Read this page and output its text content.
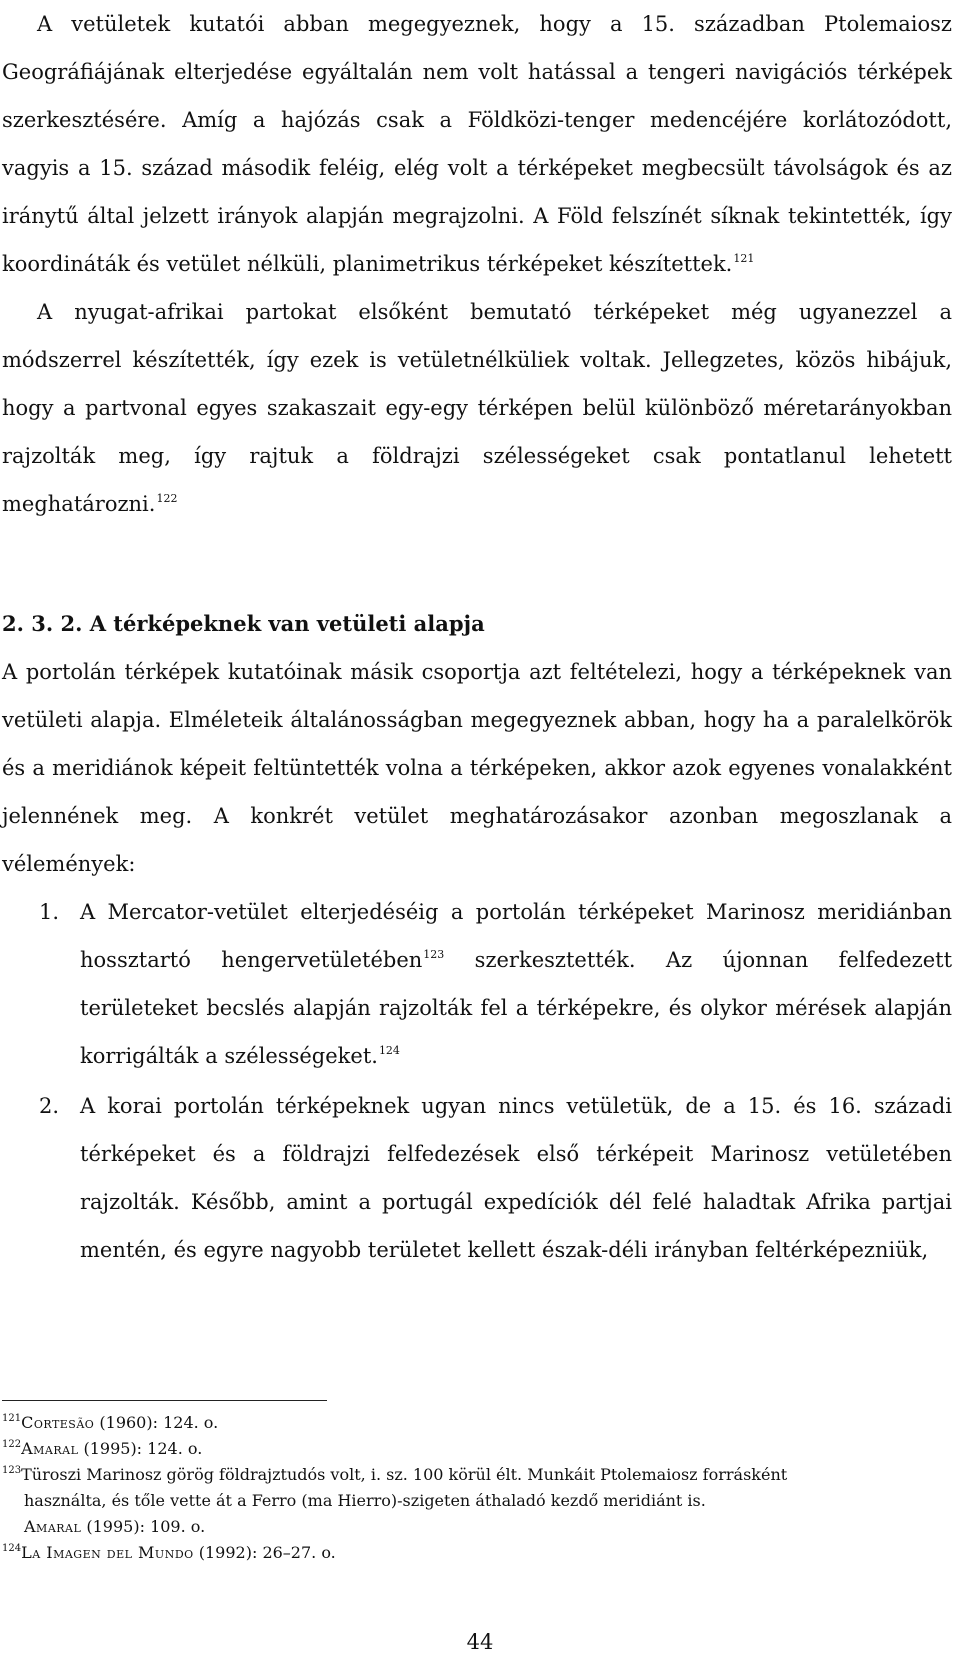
A vetületek kutatói abban megegyeznek, hogy a 15. században Ptolemaiosz Geográfiájának elterjedése egyáltalán nem volt hatással a tengeri navigációs térképek szerkesztésére. Amíg a hajózás csak a Földközi-tenger medencéjére korlátozódott, vagyis a 15. század második feléig, elég volt a térképeket megbecsült távolságok és az iránytű által jelzett irányok alapján megrajzolni. A Föld felszínét síknak tekintették, így koordináták és vetület nélküli, planimetrikus térképeket készítettek.$^{121}$

A nyugat-afrikai partokat elsőként bemutató térképeket még ugyanezzel a módszerrel készítették, így ezek is vetületnélküliek voltak. Jellegzetes, közös hibájuk, hogy a partvonal egyes szakaszait egy-egy térképen belül különböző méretarányokban rajzolták meg, így rajtuk a földrajzi szélességeket csak pontatlanul lehetett meghatározni.$^{122}$

2. 3. 2. A térképeknek van vetületi alapja

A portolán térképek kutatóinak másik csoportja azt feltételezi, hogy a térképeknek van vetületi alapja. Elméleteik általánosságban megegyeznek abban, hogy ha a paralelkörök és a meridiánok képeit feltüntették volna a térképeken, akkor azok egyenes vonalakként jelennének meg. A konkrét vetület meghatározásakor azonban megoszlanak a vélemények:

1. A Mercator-vetület elterjedéséig a portolán térképeket Marinosz meridiánban hossztartó hengervetületében$^{123}$ szerkesztették. Az újonnan felfedezett területeket becslés alapján rajzolták fel a térképekre, és olykor mérések alapján korrigálták a szélességeket.$^{124}$
2. A korai portolán térképeknek ugyan nincs vetületük, de a 15. és 16. századi térképeket és a földrajzi felfedezések első térképeit Marinosz vetületében rajzolták. Később, amint a portugál expedíciók dél felé haladtak Afrika partjai mentén, és egyre nagyobb területet kellett észak-déli irányban feltérképezniük,

$^{121}$Cortesão (1960): 124. o.

$^{122}$Amaral (1995): 124. o.

$^{123}$Türoszi Marinosz görög földrajztudós volt, i. sz. 100 körül élt. Munkáit Ptolemaiosz forrásként

használta, és tőle vette át a Ferro (ma Hierro)-szigeten áthaladó kezdő meridiánt is.

Amaral (1995): 109. o.

$^{124}$La Imagen del Mundo (1992): 26–27. o.

44
